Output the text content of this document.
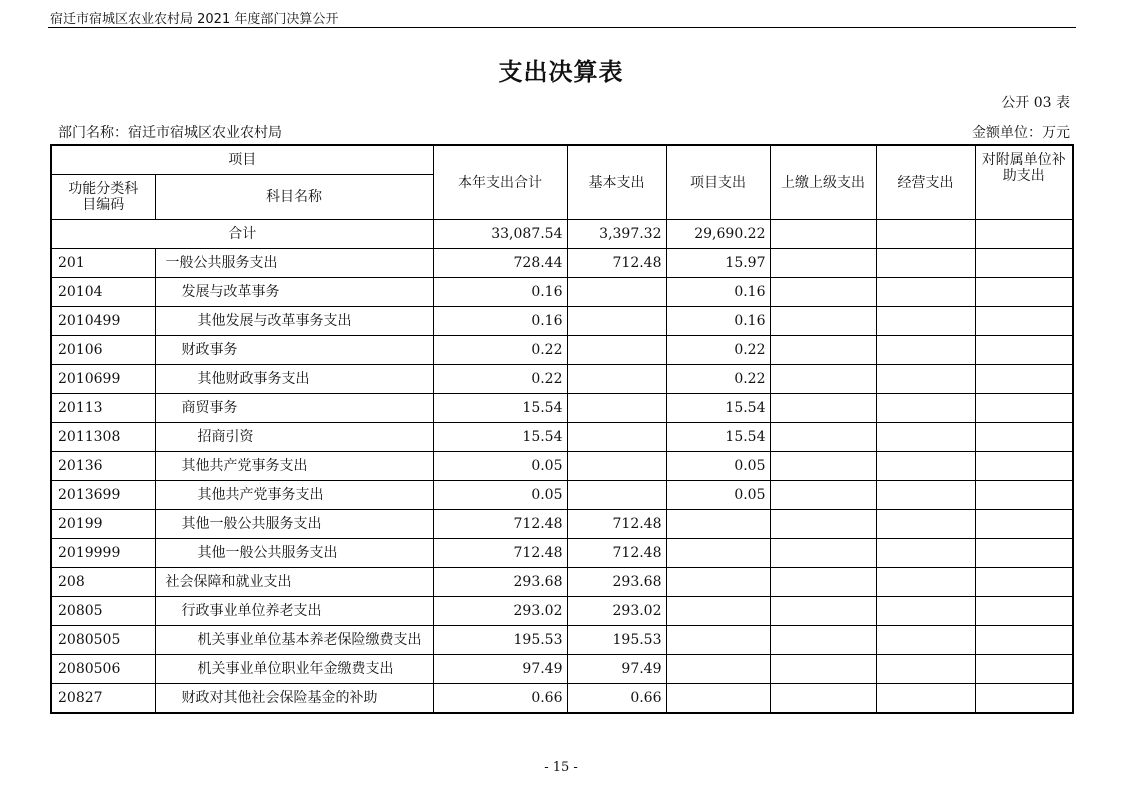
宿迁市宿城区农业农村局 2021 年度部门决算公开
支出决算表
公开 03 表
部门名称：宿迁市宿城区农业农村局	金额单位：万元
项目		本年支出合计	基本支出	项目支出	上缴上级支出	经营支出	对附属单位补助支出
功能分类科目编码	科目名称						
合计		33,087.54	3,397.32	29,690.22			
201	一般公共服务支出	728.44	712.48	15.97			
20104	发展与改革事务	0.16		0.16			
2010499	其他发展与改革事务支出	0.16		0.16			
20106	财政事务	0.22		0.22			
2010699	其他财政事务支出	0.22		0.22			
20113	商贸事务	15.54		15.54			
2011308	招商引资	15.54		15.54			
20136	其他共产党事务支出	0.05		0.05			
2013699	其他共产党事务支出	0.05		0.05			
20199	其他一般公共服务支出	712.48	712.48				
2019999	其他一般公共服务支出	712.48	712.48				
208	社会保障和就业支出	293.68	293.68				
20805	行政事业单位养老支出	293.02	293.02				
2080505	机关事业单位基本养老保险缴费支出	195.53	195.53				
2080506	机关事业单位职业年金缴费支出	97.49	97.49				
20827	财政对其他社会保险基金的补助	0.66	0.66				
- 15 -
